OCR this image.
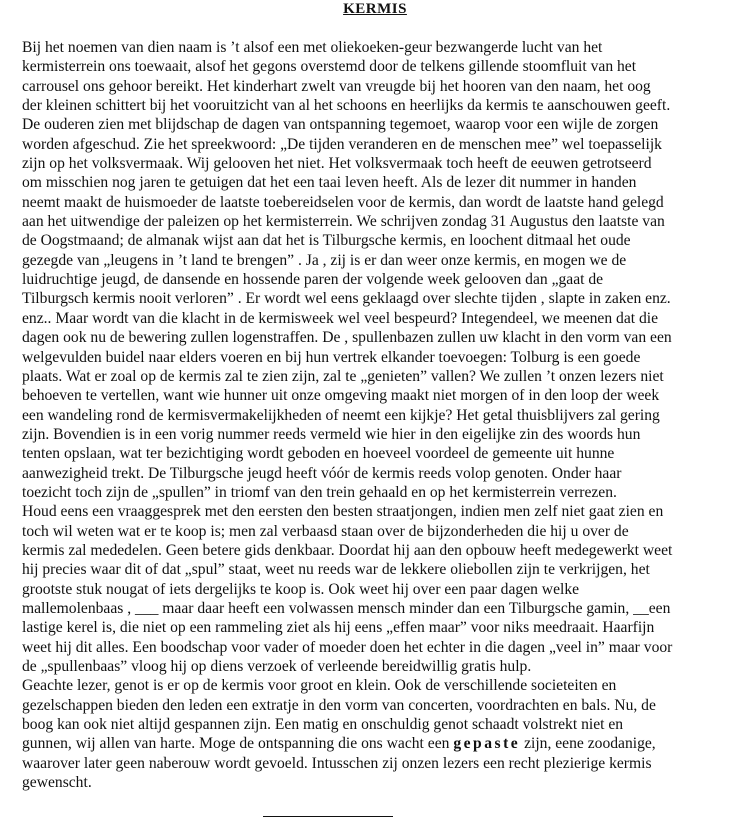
KERMIS
Bij het noemen van dien naam is ’t alsof een met oliekoeken-geur bezwangerde lucht van het
kermisterrein ons toewaait, alsof het gegons overstemd door de telkens gillende stoomfluit van het
carrousel ons gehoor bereikt. Het kinderhart zwelt van vreugde bij het hooren van den naam, het oog
der kleinen schittert bij het vooruitzicht van al het schoons en heerlijks da kermis te aanschouwen geeft.
De ouderen zien met blijdschap de dagen van ontspanning tegemoet, waarop voor een wijle de zorgen
worden afgeschud. Zie het spreekwoord: „De tijden veranderen en de menschen mee” wel toepasselijk
zijn op het volksvermaak. Wij gelooven het niet. Het volksvermaak toch heeft de eeuwen getrotseerd
om misschien nog jaren te getuigen dat het een taai leven heeft. Als de lezer dit nummer in handen
neemt maakt de huismoeder de laatste toebereidselen voor de kermis, dan wordt de laatste hand gelegd
aan het uitwendige der paleizen op het kermisterrein. We schrijven zondag 31 Augustus den laatste van
de Oogstmaand; de almanak wijst aan dat het is Tilburgsche kermis, en loochent ditmaal het oude
gezegde van „leugens in ’t land te brengen” . Ja , zij is er dan weer onze kermis, en mogen we de
luidruchtige jeugd, de dansende en hossende paren der volgende week gelooven dan „gaat de
Tilburgsch kermis nooit verloren” . Er wordt wel eens geklaagd over slechte tijden , slapte in zaken enz.
enz.. Maar wordt van die klacht in de kermisweek wel veel bespeurd? Integendeel, we meenen dat die
dagen ook nu de bewering zullen logenstraffen. De , spullenbazen zullen uw klacht in den vorm van een
welgevulden buidel naar elders voeren en bij hun vertrek elkander toevoegen: Tolburg is een goede
plaats. Wat er zoal op de kermis zal te zien zijn, zal te „genieten” vallen? We zullen ’t onzen lezers niet
behoeven te vertellen, want wie hunner uit onze omgeving maakt niet morgen of in den loop der week
een wandeling rond de kermisvermakelijkheden of neemt een kijkje? Het getal thuisblijvers zal gering
zijn. Bovendien is in een vorig nummer reeds vermeld wie hier in den eigelijke zin des woords hun
tenten opslaan, wat ter bezichtiging wordt geboden en hoeveel voordeel de gemeente uit hunne
aanwezigheid trekt. De Tilburgsche jeugd heeft vóór de kermis reeds volop genoten. Onder haar
toezicht toch zijn de „spullen” in triomf van den trein gehaald en op het kermisterrein verrezen.
Houd eens een vraaggesprek met den eersten den besten straatjongen, indien men zelf niet gaat zien en
toch wil weten wat er te koop is; men zal verbaasd staan over de bijzonderheden die hij u over de
kermis zal mededelen. Geen betere gids denkbaar. Doordat hij aan den opbouw heeft medegewerkt weet
hij precies waar dit of dat „spul” staat, weet nu reeds war de lekkere oliebollen zijn te verkrijgen, het
grootste stuk nougat of iets dergelijks te koop is. Ook weet hij over een paar dagen welke
mallemolenbaas , ___ maar daar heeft een volwassen mensch minder dan een Tilburgsche gamin, __een
lastige kerel is, die niet op een rammeling ziet als hij eens „effen maar” voor niks meedraait. Haarfijn
weet hij dit alles. Een boodschap voor vader of moeder doen het echter in die dagen „veel in” maar voor
de „spullenbaas” vloog hij op diens verzoek of verleende bereidwillig gratis hulp.
Geachte lezer, genot is er op de kermis voor groot en klein. Ook de verschillende societeiten en
gezelschappen bieden den leden een extratje in den vorm van concerten, voordrachten en bals. Nu, de
boog kan ook niet altijd gespannen zijn. Een matig en onschuldig genot schaadt volstrekt niet en
gunnen, wij allen van harte. Moge de ontspanning die ons wacht een gepaste zijn, eene zoodanige,
waarover later geen naberouw wordt gevoeld. Intusschen zij onzen lezers een recht plezierige kermis
gewenscht.
